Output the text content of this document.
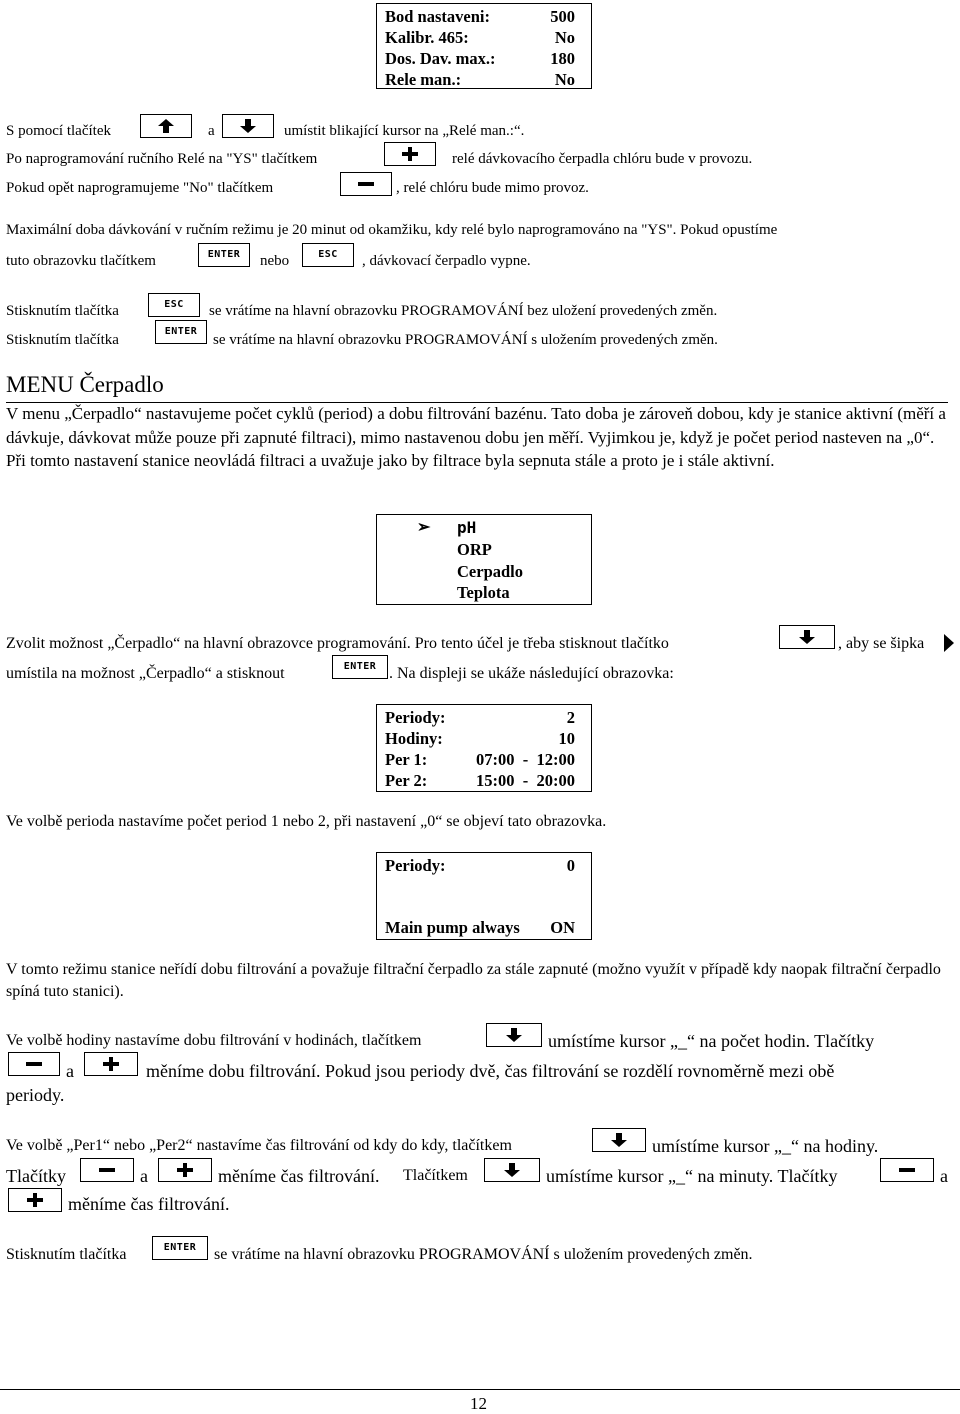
Bod nastaveni:	500
Kalibr. 465:	No
Dos. Dav. max.:	180
Rele man.:	No
S pomocí tlačítek	a	umístit blikající kursor na „Relé man.:“.
Po naprogramování ručního Relé na "YS" tlačítkem	relé dávkovacího čerpadla chlóru bude v provozu.
Pokud opět naprogramujeme "No" tlačítkem	, relé chlóru bude mimo provoz.
Maximální doba dávkování v ručním režimu je 20 minut od okamžiku, kdy relé bylo naprogramováno na "YS". Pokud opustíme
tuto obrazovku tlačítkem	ENTER nebo	ESC , dávkovací čerpadlo vypne.
Stisknutím tlačítka	ESC se vrátíme na hlavní obrazovku PROGRAMOVÁNÍ bez uložení provedených změn.
Stisknutím tlačítka
ENTER
se vrátíme na hlavní obrazovku PROGRAMOVÁNÍ s uložením provedených změn.
MENU Čerpadlo
V menu „Čerpadlo“ nastavujeme počet cyklů (period) a dobu filtrování bazénu. Tato doba je zároveň dobou, kdy je stanice aktivní (měří a dávkuje, dávkovat může pouze při zapnuté filtraci), mimo nastavenou dobu jen měří. Vyjimkou je, když je počet period nasteven na „0“. Při tomto nastavení stanice neovládá filtraci a uvažuje jako by filtrace byla sepnuta stále a proto je i stále aktivní.
➢ pH
ORP
Cerpadlo
Teplota
Zvolit možnost „Čerpadlo“ na hlavní obrazovce programování. Pro tento účel je třeba stisknout tlačítko	, aby se šipka
umístila na možnost „Čerpadlo“ a stisknout	ENTER . Na displeji se ukáže následující obrazovka:
Periody:	2
Hodiny:	10
Per 1:	07:00  -  12:00
Per 2:	15:00  -  20:00
Ve volbě perioda nastavíme počet period 1 nebo 2, při nastavení „0“ se objeví tato obrazovka.
Periody:	0
Main pump always ON
V tomto režimu stanice neřídí dobu filtrování a považuje filtrační čerpadlo za stále zapnuté (možno využít v případě kdy naopak filtrační čerpadlo spíná tuto stanici).
Ve volbě hodiny nastavíme dobu filtrování v hodinách, tlačítkem	umístíme kursor „_“ na počet hodin. Tlačítky
a	měníme dobu filtrování. Pokud jsou periody dvě, čas filtrování se rozdělí rovnoměrně mezi obě
periody.
Ve volbě „Per1“ nebo „Per2“ nastavíme čas filtrování od kdy do kdy, tlačítkem	umístíme kursor „_“ na hodiny.
Tlačítky	a	měníme čas filtrování. Tlačítkem	umístíme kursor „_“ na minuty. Tlačítky	a
měníme čas filtrování.
Stisknutím tlačítka	ENTER se vrátíme na hlavní obrazovku PROGRAMOVÁNÍ s uložením provedených změn.
12
